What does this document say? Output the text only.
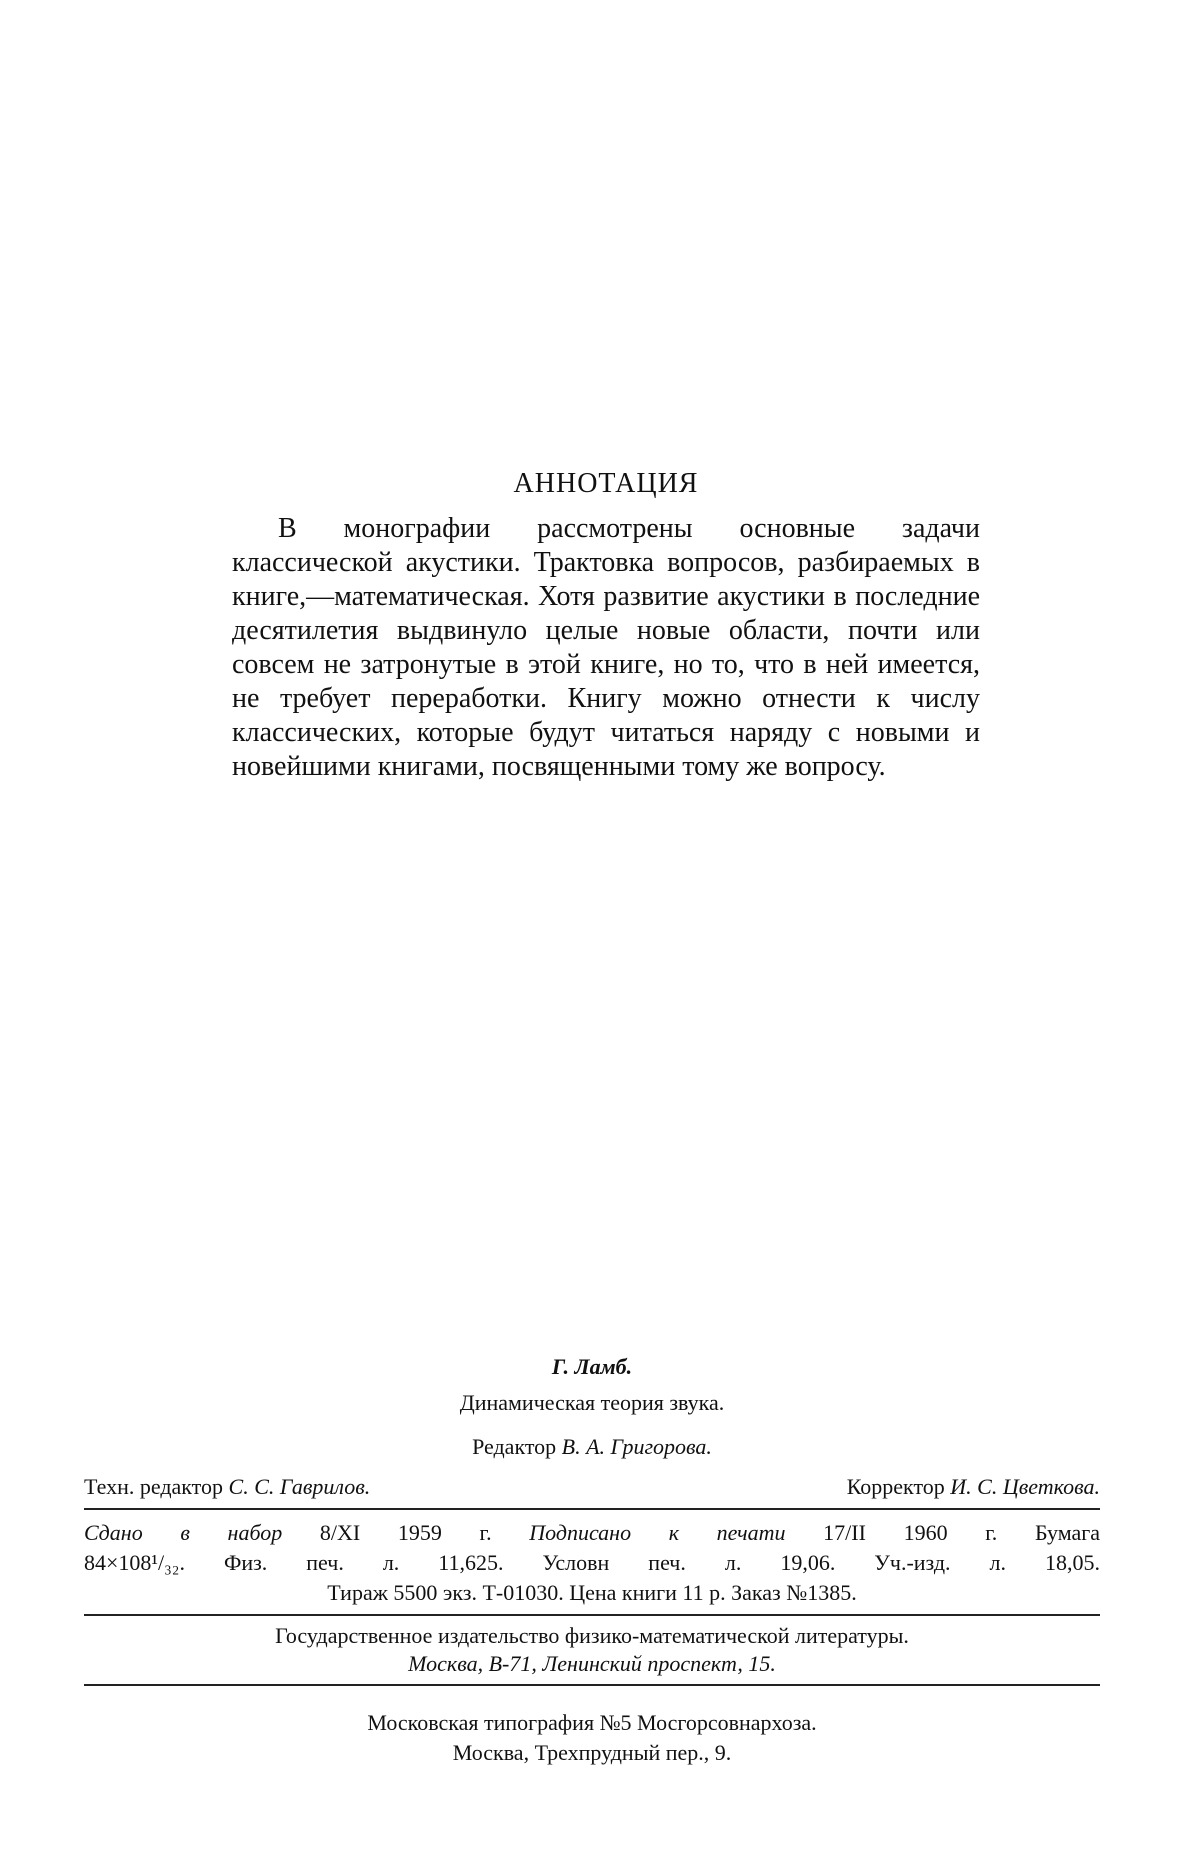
АННОТАЦИЯ

В монографии рассмотрены основные задачи классической акустики. Трактовка вопросов, разбираемых в книге,—математическая. Хотя развитие акустики в последние десятилетия выдвинуло целые новые области, почти или совсем не затронутые в этой книге, но то, что в ней имеется, не требует переработки. Книгу можно отнести к числу классических, которые будут читаться наряду с новыми и новейшими книгами, посвященными тому же вопросу.

Г. Ламб.

Динамическая теория звука.

Редактор В. А. Григорова.

Техн. редактор С. С. Гаврилов.	Корректор И. С. Цветкова.

Сдано в набор 8/XI 1959 г. Подписано к печати 17/II 1960 г. Бумага

84×108¹/₃₂. Физ. печ. л. 11,625. Условн печ. л. 19,06. Уч.-изд. л. 18,05.

Тираж 5500 экз. Т-01030. Цена книги 11 р. Заказ №1385.

Государственное издательство физико-математической литературы.

Москва, В-71, Ленинский проспект, 15.

Московская типография №5 Мосгорсовнархоза.

Москва, Трехпрудный пер., 9.
